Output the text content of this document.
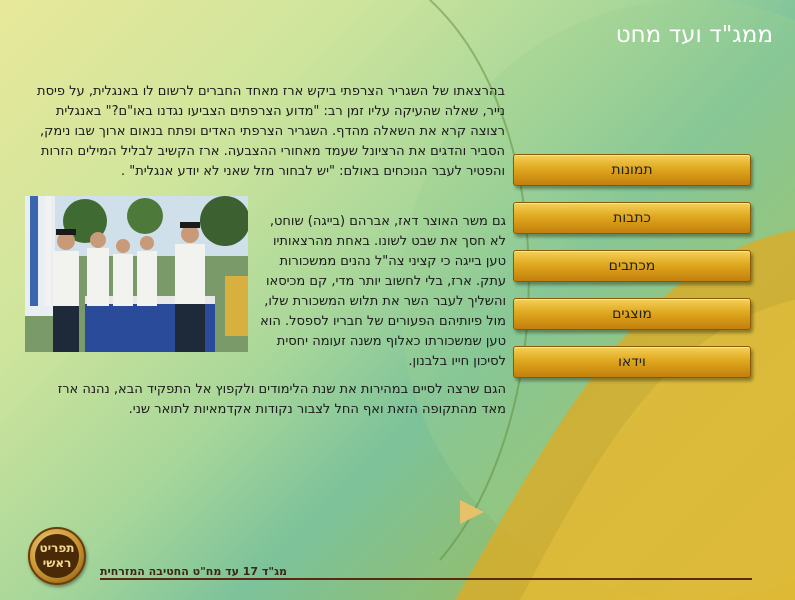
ממג"ד ועד מחט

בהרצאתו של השגריר הצרפתי ביקש ארז מאחד החברים לרשום לו באנגלית, על פיסת נייר, שאלה שהעיקה עליו זמן רב: "מדוע הצרפתים הצביעו נגדנו באו"ם?" באנגלית רצוצה קרא את השאלה מהדף. השגריר הצרפתי האדים ופתח בנאום ארוך שבו נימק, הסביר והדגים את הרציונל שעמד מאחורי ההצבעה. ארז הקשיב לבליל המילים הזרות והפטיר לעבר הנוכחים באולם: "יש לבחור מזל שאני לא יודע אנגלית" .

גם משר האוצר דאז, אברהם (בייגה) שוחט, לא חסך את שבט לשונו. באחת מהרצאותיו טען בייגה כי קציני צה"ל נהנים ממשכורות עתק. ארז, בלי לחשוב יותר מדי, קם מכיסאו והשליך לעבר השר את תלוש המשכורת שלו, מול פיותיהם הפעורים של חבריו לספסל. הוא טען שמשכורתו כאלוף משנה זעומה יחסית לסיכון חייו בלבנון.

הגם שרצה לסיים במהירות את שנת הלימודים ולקפוץ אל התפקיד הבא, נהנה ארז מאד מהתקופה הזאת ואף החל לצבור נקודות אקדמאיות לתואר שני.

תמונות
כתבות
מכתבים
מוצגים
וידאו
תפריט ראשי
מג"ד 17 עד מח"ט החטיבה המזרחית
